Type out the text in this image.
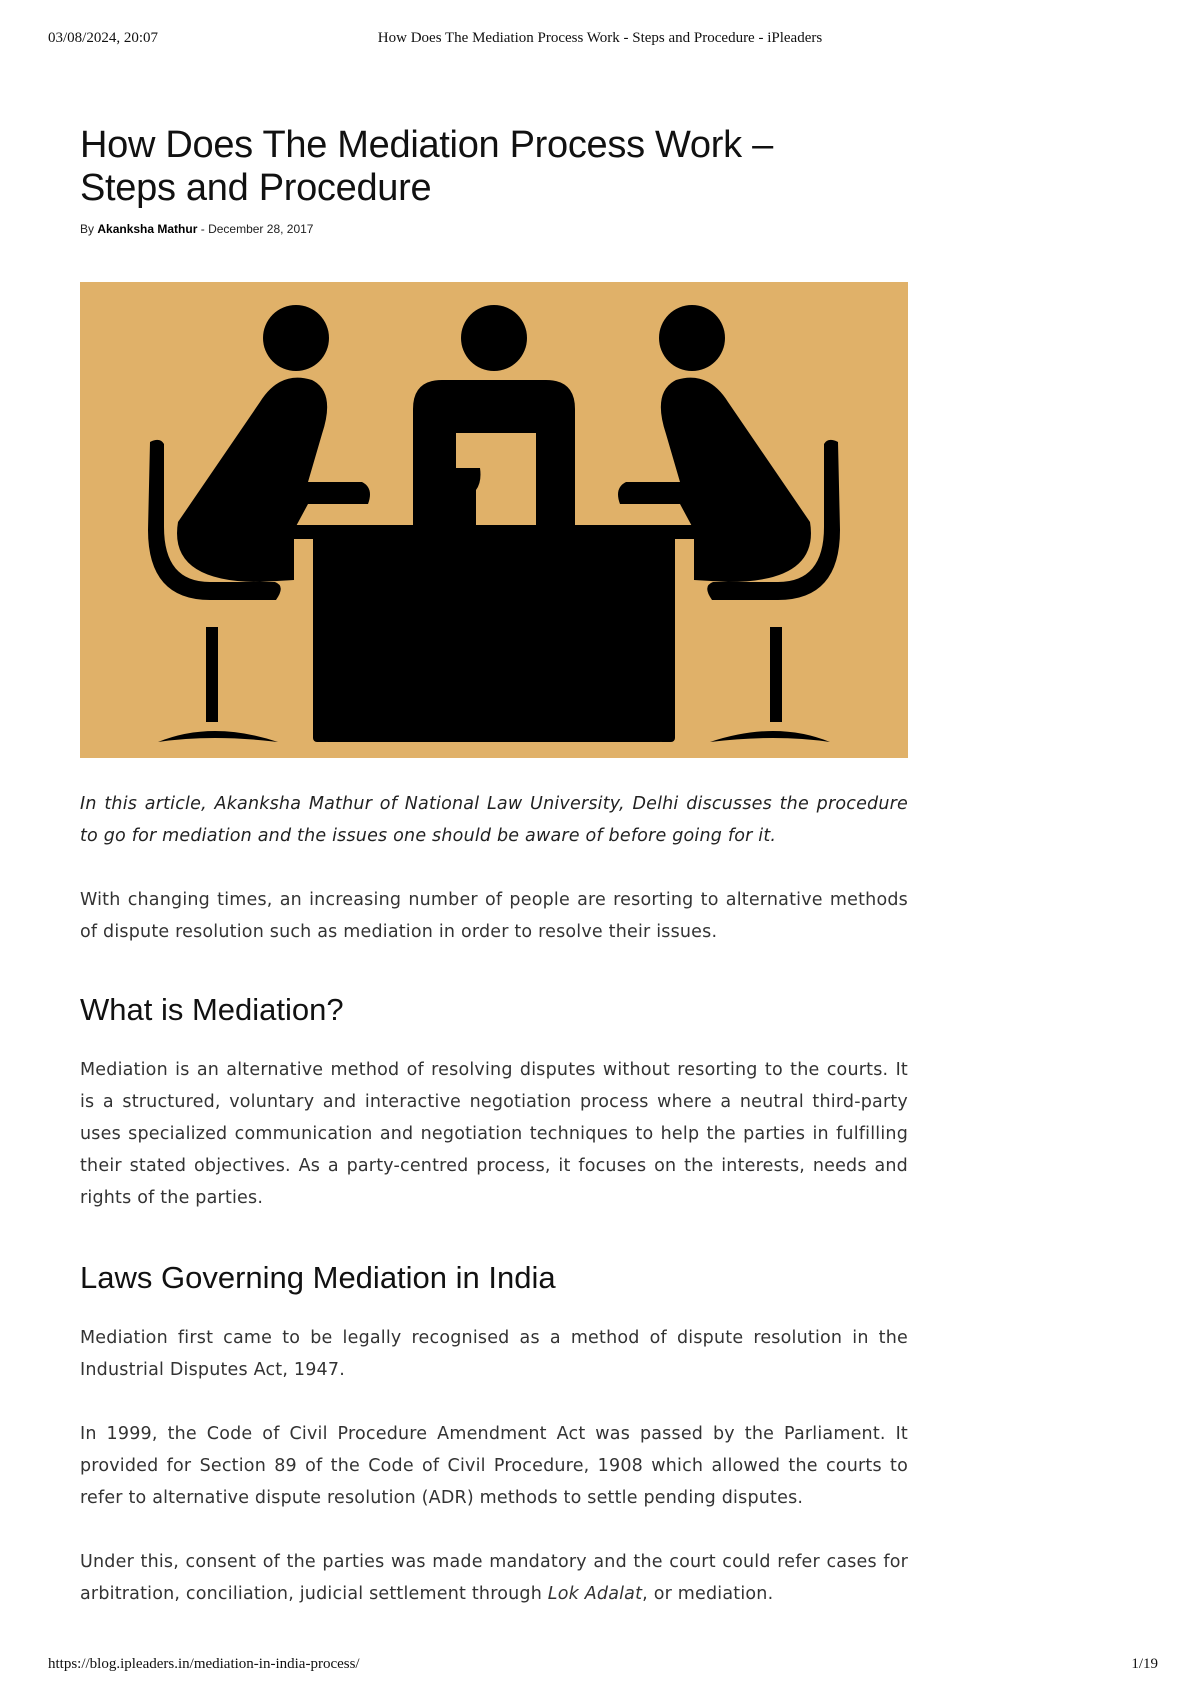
03/08/2024, 20:07	How Does The Mediation Process Work - Steps and Procedure - iPleaders
How Does The Mediation Process Work – Steps and Procedure
By Akanksha Mathur - December 28, 2017

In this article, Akanksha Mathur of National Law University, Delhi discusses the procedure to go for mediation and the issues one should be aware of before going for it.

With changing times, an increasing number of people are resorting to alternative methods of dispute resolution such as mediation in order to resolve their issues.

What is Mediation?

Mediation is an alternative method of resolving disputes without resorting to the courts. It is a structured, voluntary and interactive negotiation process where a neutral third-party uses specialized communication and negotiation techniques to help the parties in fulfilling their stated objectives. As a party-centred process, it focuses on the interests, needs and rights of the parties.

Laws Governing Mediation in India

Mediation first came to be legally recognised as a method of dispute resolution in the Industrial Disputes Act, 1947.

In 1999, the Code of Civil Procedure Amendment Act was passed by the Parliament. It provided for Section 89 of the Code of Civil Procedure, 1908 which allowed the courts to refer to alternative dispute resolution (ADR) methods to settle pending disputes.

Under this, consent of the parties was made mandatory and the court could refer cases for arbitration, conciliation, judicial settlement through Lok Adalat, or mediation.

https://blog.ipleaders.in/mediation-in-india-process/	1/19
